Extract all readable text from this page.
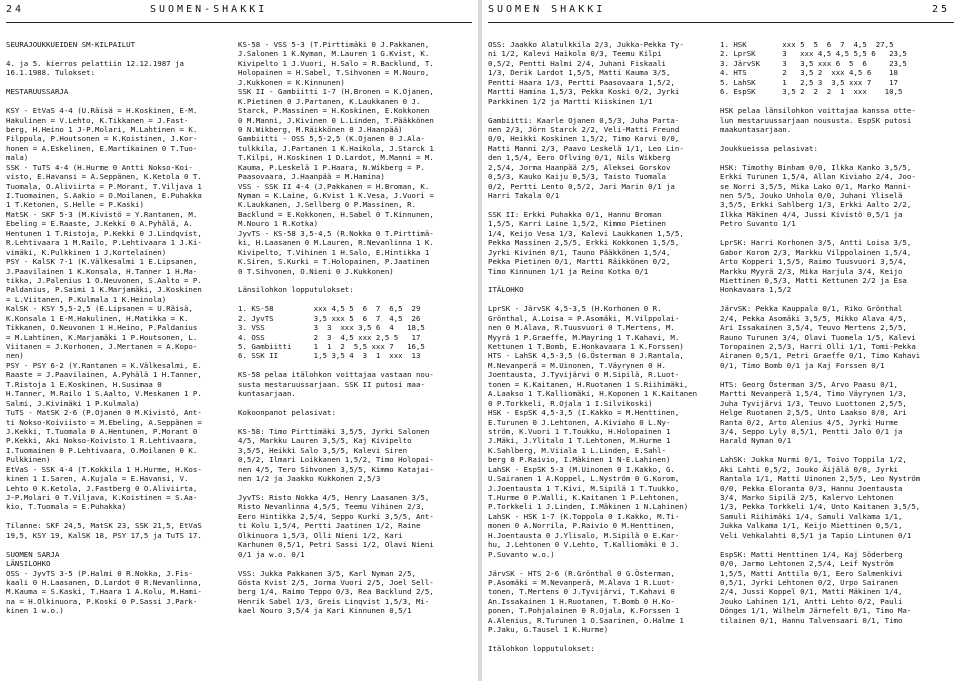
24	SUOMEN-SHAKKI
SEURAJOUKKUEIDEN SM-KILPAILUT

4. ja 5. kierros pelattiin 12.12.1987 ja
16.1.1988. Tulokset:

MESTARUUSSARJA

KSY - EtVaS 4-4 (U.Räisä = H.Koskinen, E-M.
Hakulinen = V.Lehto, K.Tikkanen = J.Fast-
berg, H.Heino 1 J-P.Molari, M.Lahtinen = K.
Filppula, P.Houtsonen = K.Koistinen, J.Kor-
honen = A.Eskelinen, E.Martikainen 0 T.Tuo-
mala)
SSK - TuTS 4-4 (H.Hurme 0 Antti Nokso-Koi-
visto, E.Havansi = A.Seppänen, K.Ketola 0 T.
Tuomala, O.Aliviirta = P.Morant, T.Viljava 1
I.Tuomainen, S.Aakio = O.Moilanen, E.Puhakka
1 T.Ketonen, S.Helle = P.Kaski)
MatSK - SKF 5-3 (M.Kivistö = Y.Rantanen, M.
Ebeling = E.Raaste, J.Kekki 0 A.Pyhälä, A.
Hentunen 1 T.Ristoja, P.Kekki 0 J.Lindqvist,
R.Lehtivaara 1 M.Railo, P.Lehtivaara 1 J.Ki-
vimäki, K.Pulkkinen 1 J.Kortelainen)
PSY - KalSK 7-1 (K.Välkesalmi 1 E.Lipsanen,
J.Paavilainen 1 K.Konsala, H.Tanner 1 H.Ma-
tikka, J.Palenius 1 O.Neuvonen, S.Aalto = P.
Paldanius, P.Saimi 1 K.Marjamäki, J.Koskinen
= L.Viitanen, P.Kulmala 1 K.Heinola)
KalSK - KSY 5,5-2,5 (E.Lipsanen = U.Räisä,
K.Konsala 1 E-M.Hakulinen, H.Matikka = K.
Tikkanen, O.Neuvonen 1 H.Heino, P.Paldanius
= M.Lahtinen, K.Marjamäki 1 P.Houtsonen, L.
Viitanen = J.Korhonen, J.Mertanen = A.Kopo-
nen)
PSY - PSY 6-2 (Y.Rantanen = K.Välkesalmi, E.
Raaste = J.Paavilainen, A.Pyhälä 1 H.Tanner,
T.Ristoja 1 E.Koskinen, H.Susimaa 0
H.Tanner, M.Railo 1 S.Aalto, V.Meskanen 1 P.
Salmi, J.Kivimäki 1 P.Kulmala)
TuTS - MatSK 2-6 (P.Ojanen 0 M.Kivistö, Ant-
ti Nokso-Koiviisto = M.Ebeling, A.Seppänen =
J.Kekki, T.Tuomala 0 A.Hentunen, P.Morant 0
P.Kekki, Aki Nokso-Koivisto 1 R.Lehtivaara,
I.Tuomainen 0 P.Lehtivaara, O.Moilanen 0 K.
Pulkkinen)
EtVaS - SSK 4-4 (T.Kokkila 1 H.Hurme, H.Kos-
kinen 1 I.Saren, A.Kujala = E.Havansi, V.
Lehto 0 K.Ketola, J.Fastberg 0 O.Aliviirta,
J-P.Molari 0 T.Viljava, K.Koistinen = S.Aa-
kio, T.Tuomala = E.Puhakka)

Tilanne: SKF 24,5, MatSK 23, SSK 21,5, EtVaS
19,5, KSY 19, KalSK 18, PSY 17,5 ja TuTS 17.

SUOMEN SARJA
LÄNSILOHKO
OSS - JyvTS 3-5 (P.Halmi 0 R.Nokka, J.Fis-
kaali 0 H.Laasanen, D.Lardot 0 R.Nevanlinna,
M.Kauma = S.Kaski, T.Haara 1 A.Kolu, M.Hami-
na = H.Olkinuora, P.Koski 0 P.Sassi J.Park-
kinen 1 w.o.)
KS-58 - VSS 5-3 (T.Pirttimäki 0 J.Pakkanen,
J.Salonen 1 K.Nyman, M.Lauren 1 G.Kvist, K.
Kivipelto 1 J.Vuori, H.Salo = R.Backlund, T.
Holopainen = H.Sabel, T.Sihvonen = M.Nouro,
J.Kukkonen = K.Kinnunen)
SSK II - Gambiitti 1-7 (H.Bronen = K.Ojanen,
K.Pietinen 0 J.Partanen, K.Laukkanen 0 J.
Starck, P.Massinen = H.Koskinen, E.Kokkonen
0 M.Manni, J.Kivinen 0 L.Linden, T.Pääkkönen
0 N.Wikberg, M.Räikkönen 0 J.Haanpää)
Gambiitti - OSS 5,5-2,5 (K.Ojanen 0 J.Ala-
tulkkila, J.Partanen 1 K.Haikola, J.Starck 1
T.Kilpi, H.Koskinen 1 D.Lardot, M.Manni = M.
Kauma, P.Leskelä 1 P.Haara, N.Wikberg = P.
Paasovaara, J.Haanpää = M.Hamina)
VSS - SSK II 4-4 (J.Pakkanen = H.Broman, K.
Nyman = K.Laine, G.Kvist 1 K.Vesa, J.Vuori =
K.Laukkanen, J.Sellberg 0 P.Massinen, R.
Backlund = E.Kokkonen, H.Sabel 0 T.Kinnunen,
M.Nouro 1 R.Kotka)
JyvTS - KS-58 3,5-4,5 (R.Nokka 0 T.Pirttimä-
ki, H.Laasanen 0 M.Lauren, R.Nevanlinna 1 K.
Kivipelto, T.Vihinen 1 H.Salo, E.Hintikka 1
K.Siren, S.Kurki = T.Holopainen, P.Jaatinen
0 T.Sihvonen, O.Nieni 0 J.Kukkonen)

Länsilohkon lopputulokset:

1. KS-58         xxx 4,5 5  6  7  6,5  29
2. JyvTS         3,5 xxx 5  6  7  4,5  26
3. VSS           3  3  xxx 3,5 6  4   18,5
4. OSS           2  3  4,5 xxx 2,5 5   17
5. Gambiitti     1  1  2  5,5 xxx 7   16,5
6. SSK II        1,5 3,5 4  3  1  xxx  13

KS-58 pelaa itälohkon voittajaa vastaan nou-
susta mestaruussarjaan. SSK II putosi maa-
kuntasarjaan.

Kokoonpanot pelasivat:

KS-58: Timo Pirttimäki 3,5/5, Jyrki Salonen
4/5, Markku Lauren 3,5/5, Kaj Kivipelto
3,5/5, Heikki Salo 3,5/5, Kalevi Siren
0,5/2, Ilmari Loikkanen 1,5/2, Timo Holopai-
nen 4/5, Tero Sihvonen 3,5/5, Kimmo Katajai-
nen 1/2 ja Jaakko Kukkonen 2,5/3

JyvTS: Risto Nokka 4/5, Henry Laasanen 3/5,
Risto Nevanlinna 4,5/5, Teemu Vihinen 2/3,
Eero Hintikka 2,5/4, Seppo Kurki 3,5/5, Ant-
ti Kolu 1,5/4, Pertti Jaatinen 1/2, Raine
Olkinuora 1,5/3, Olli Nieni 1/2, Kari
Karhunen 0,5/1, Petri Sassi 1/2, Olavi Nieni
0/1 ja w.o. 0/1

VSS: Jukka Pakkanen 3/5, Karl Nyman 2/5,
Gösta Kvist 2/5, Jorma Vuori 2/5, Joel Sell-
berg 1/4, Raimo Teppo 0/3, Rea Backlund 2/5,
Henrik Sabel 1/3, Greis Linqvist 1,5/3, Mi-
kael Nouro 3,5/4 ja Kari Kinnunen 0,5/1
SUOMEN SHAKKI	25
OSS: Jaakko Alatulkkila 2/3, Jukka-Pekka Ty-
ni 1/2, Kalevi Haikola 0/3, Teemu Kilpi
0,5/2, Pentti Halmi 2/4, Juhani Fiskaali
1/3, Derik Lardot 1,5/5, Matti Kauma 3/5,
Pentti Haara 1/3, Pertti Paasovaara 1,5/2,
Martti Hamina 1,5/3, Pekka Koski 0/2, Jyrki
Parkkinen 1/2 ja Martti Kiiskinen 1/1

Gambiitti: Kaarle Ojanen 0,5/3, Juha Parta-
nen 2/3, Jörn Starck 2/2, Veli-Matti Freund
0/0, Heikki Koskinen 1,5/2, Timo Karvi 0/0,
Matti Manni 2/3, Paavo Leskelä 1/1, Leo Lin-
den 1,5/4, Eero Oflving 0/1, Nils Wikberg
2,5/4, Jorma Haanpää 2/5, Aleksei Gorskov
0,5/3, Kauko Kaiju 0,5/3, Taisto Tuomala
0/2, Pertti Lento 0,5/2, Jari Marin 0/1 ja
Harri Takala 0/1

SSK II: Erkki Puhakka 0/1, Hannu Broman
1,5/5, Karri Laine 1,5/2, Kimmo Pietinen
1/4, Keijo Vesa 1/3, Kalevi Laukkanen 1,5/5,
Pekka Massinen 2,5/5, Erkki Kokkonen 1,5/5,
Jyrki Kivinen 0/1, Tauno Pääkkönen 1,5/4,
Pekka Pietinen 0/1, Martti Räikkönen 0/2,
Timo Kinnunen 1/1 ja Reino Kotka 0/1

ITÄLOHKO

LprSK - JärvSK 4,5-3,5 (H.Korhonen 0 R.
Grönthal, A.Loisa = P.Asomäki, M.Vilppolai-
nen 0 M.Alava, R.Tuusvuori 0 T.Mertens, M.
Myyrä 1 P.Graeffe, M.Mayring 1 T.Kahavi, M.
Kettunen 1 T.Bomb, E.Honkavaara 1 K.Forssen)
HTS - LahSK 4,5-3,5 (G.Österman 0 J.Rantala,
M.Nevanperä = M.Uinonen, T.Väyrynen 0 H.
Joentausta, J.Tyvijärvi 0 M.Sipilä, R.Luot-
tonen = K.Kaitanen, H.Ruotanen 1 S.Riihimäki,
A.Laakso 1 T.Kalliomäki, H.Koponen 1 K.Kaitanen
0 P.Torkkeli, R.Ojala 1 I.Silvikoski)
HSK - EspSK 4,5-3,5 (I.Kakko = M.Henttinen,
E.Turunen 0 J.Lehtonen, A.Kiviaho 0 L.Ny-
ström, K.Vuori 1 T.Toukku, H.Holopainen 1
J.Mäki, J.Ylitalo 1 T.Lehtonen, M.Hurme 1
K.Sahlberg, M.Viiala 1 L.Linden, E.Sahl-
berg 0 P.Raivio, I.Mäkinen 1 N-E.Lahinen)
LahSK - EspSK 5-3 (M.Uinonen 0 I.Kakko, G.
U.Sairanen 1 A.Koppel, L.Nyström 0 G.Korom,
J.Joentausta 1 T.Kivi, M.Sipilä 1 T.Tuukko,
T.Hurme 0 P.Walli, K.Kaitanen 1 P.Lehtonen,
P.Torkkeli 1 J.Linden, I.Mäkinen 1 N.Lahinen)
LahSK - HSK 1-7 (K.Toppola 0 I.Kakko, M.Ti-
monen 0 A.Norrila, P.Raivio 0 M.Henttinen,
H.Joentausta 0 J.Ylisalo, M.Sipilä 0 E.Kar-
hu, J.Lehtonen 0 V.Lehto, T.Kalliomäki 0 J.
P.Suvanto w.o.)

JärvSK - HTS 2-6 (R.Grönthal 0 G.Österman,
P.Asomäki = M.Nevanperä, M.Alava 1 R.Luot-
tonen, T.Mertens 0 J.Tyvijärvi, T.Kahavi 0
An.Issakainen 1 H.Ruotanen, T.Bomb 0 H.Ko-
ponen, T.Pohjalainen 0 R.Ojala, K.Forssen 1
A.Alenius, R.Turunen 1 O.Saarinen, O.Halme 1
P.Jaku, G.Tausel 1 K.Hurme)

Itälohkon lopputulokset:
1. HSK        xxx 5  5  6  7  4,5  27,5
2. LprSK      3   xxx 4,5 4,5 5,5 6   23,5
3. JärvSK     3   3,5 xxx 6  5  6     23,5
4. HTS        2   3,5 2  xxx 4,5 6    18
5. LahSK      1   2,5 3  3,5 xxx 7    17
6. EspSK      3,5 2  2  2  1  xxx    10,5

HSK pelaa länsilohkon voittajaa kanssa otte-
lun mestaruussarjaan noususta. EspSK putosi
maakuntasarjaan.

Joukkueissa pelasivat:

HSK: Timothy Binham 0/0, Ilkka Kanko 3,5/5,
Erkki Turunen 1,5/4, Allan Kiviaho 2/4, Joo-
se Norri 3,5/5, Mika Lako 0/1, Marko Manni-
nen 5/5, Jouko Unhola 0/0, Juhani Yliselä
3,5/5, Erkki Sahlberg 1/3, Erkki Aalto 2/2,
Ilkka Mäkinen 4/4, Jussi Kivistö 0,5/1 ja
Petro Suvanto 1/1

LprSK: Harri Korhonen 3/5, Antti Loisa 3/5,
Gabor Korom 2/3, Markku Vilppolainen 1,5/4,
Arto Kopperi 1,5/5, Raimo Tuusvuori 3,5/4,
Markku Myyrä 2/3, Mika Harjula 3/4, Keijo
Miettinen 0,5/3, Matti Kettunen 2/2 ja Esa
Honkavaara 1,5/2

JärvSK: Pekka Kauppala 0/1, Riko Grönthal
2/4, Pekka Asomäki 3,5/5, Mikko Alava 4/5,
Ari Issakainen 3,5/4, Teuvo Mertens 2,5/5,
Rauno Turunen 3/4, Olavi Tuomela 1/5, Kalevi
Toropainen 2,5/3, Harri Olli 1/1, Tomi-Pekka
Airanen 0,5/1, Petri Graeffe 0/1, Timo Kahavi
0/1, Timo Bomb 0/1 ja Kaj Forssen 0/1

HTS: Georg Österman 3/5, Arvo Paasu 0/1,
Martti Nevanperä 1,5/4, Timo Väyrynen 1/3,
Juha Tyvijärvi 1/3, Teuvo Luottonen 2,5/5,
Helge Ruotanen 2,5/5, Unto Laakso 0/0, Ari
Ranta 0/2, Arto Alenius 4/5, Jyrki Hurme
3/4, Seppo Lyly 0,5/1, Pentti Jalo 0/1 ja
Harald Nyman 0/1

LahSK: Jukka Nurmi 0/1, Toivo Toppila 1/2,
Aki Lahti 0,5/2, Jouko Äijälä 0/0, Jyrki
Rantala 1/1, Matti Uinonen 2,5/5, Leo Nyström
0/0, Pekka Eloranta 0/3, Hannu Joentausta
3/4, Marko Sipilä 2/5, Kalervo Lehtonen
1/3, Pekka Torkkeli 1/4, Unto Kaitanen 3,5/5,
Samuli Riihimäki 1/4, Samuli Valkama 1/1,
Jukka Valkama 1/1, Keijo Miettinen 0,5/1,
Veli Vehkalahti 0,5/1 ja Tapio Lintunen 0/1

EspSK: Matti Henttinen 1/4, Kaj Söderberg
0/0, Jarmo Lehtonen 2,5/4, Leif Nyström
1,5/5, Matti Anttila 0/1, Eero Salmenkivi
0,5/1, Jyrki Lehtonen 0/2, Urpo Sairanen
2/4, Jussi Koppel 0/1, Matti Mäkinen 1/4,
Jouko Lahinen 1/1, Antti Lehto 0/2, Pauli
Dönges 1/1, Wilhelm Järnefelt 0/1, Timo Ma-
tilainen 0/1, Hannu Talvensaari 0/1, Timo
